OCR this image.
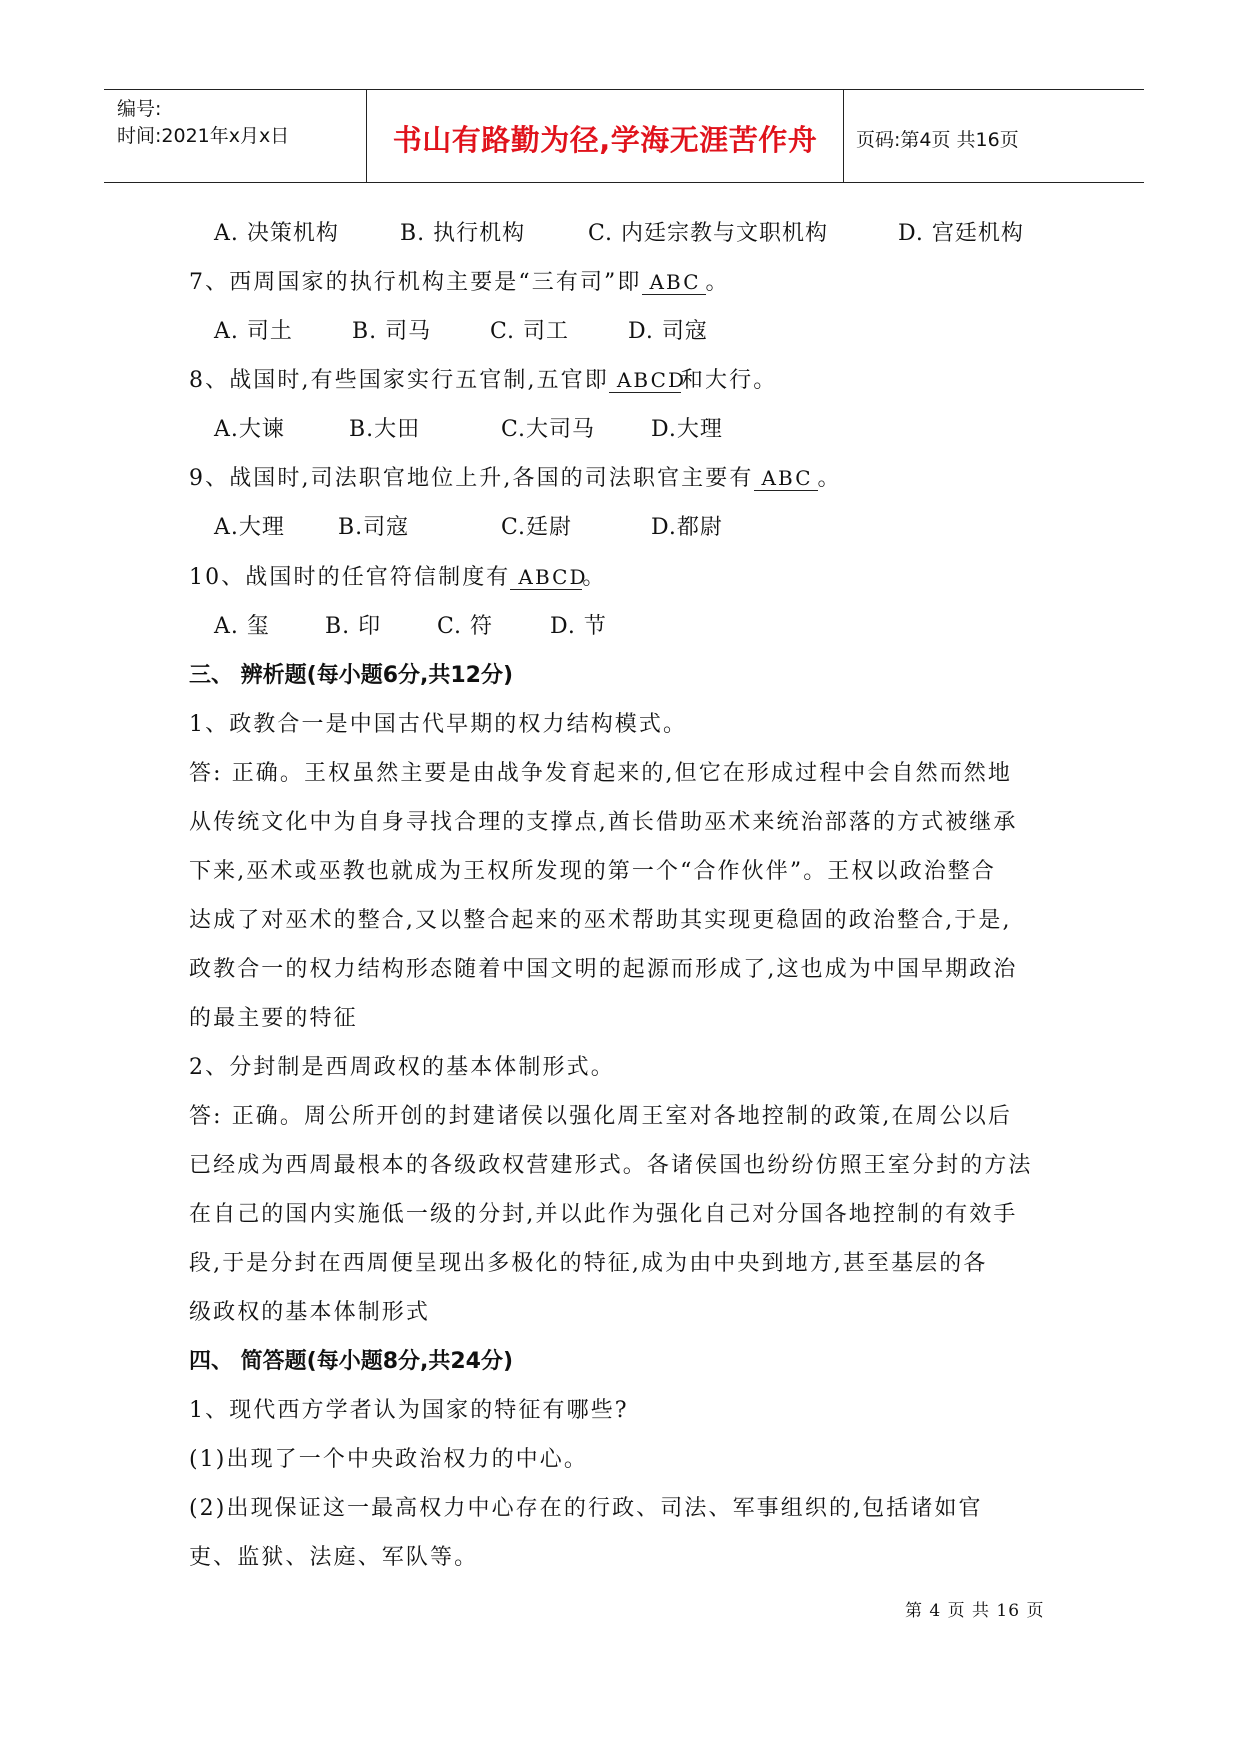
编号:
时间:2021年x月x日	书山有路勤为径,学海无涯苦作舟	页码:第4页 共16页
A. 决策机构	B. 执行机构	C. 内廷宗教与文职机构	D. 宫廷机构
7、西周国家的执行机构主要是“三有司”即 ABC 。
A. 司土	B. 司马	C. 司工	D. 司寇
8、战国时,有些国家实行五官制,五官即 ABCD和大行。
A.大谏	B.大田	C.大司马	D.大理
9、战国时,司法职官地位上升,各国的司法职官主要有 ABC 。
A.大理 B.司寇	C.廷尉	D.都尉
10、战国时的任官符信制度有 ABCD。
A. 玺	B. 印	C. 符	D. 节
三、 辨析题(每小题6分,共12分)
1、政教合一是中国古代早期的权力结构模式。
答: 正确。王权虽然主要是由战争发育起来的,但它在形成过程中会自然而然地
从传统文化中为自身寻找合理的支撑点,酋长借助巫术来统治部落的方式被继承
下来,巫术或巫教也就成为王权所发现的第一个“合作伙伴”。王权以政治整合
达成了对巫术的整合,又以整合起来的巫术帮助其实现更稳固的政治整合,于是,
政教合一的权力结构形态随着中国文明的起源而形成了,这也成为中国早期政治
的最主要的特征
2、分封制是西周政权的基本体制形式。
答: 正确。周公所开创的封建诸侯以强化周王室对各地控制的政策,在周公以后
已经成为西周最根本的各级政权营建形式。各诸侯国也纷纷仿照王室分封的方法
在自己的国内实施低一级的分封,并以此作为强化自己对分国各地控制的有效手
段,于是分封在西周便呈现出多极化的特征,成为由中央到地方,甚至基层的各
级政权的基本体制形式
四、 简答题(每小题8分,共24分)
1、现代西方学者认为国家的特征有哪些?
(1)出现了一个中央政治权力的中心。
(2)出现保证这一最高权力中心存在的行政、司法、军事组织的,包括诸如官
吏、监狱、法庭、军队等。
第 4 页 共 16 页
